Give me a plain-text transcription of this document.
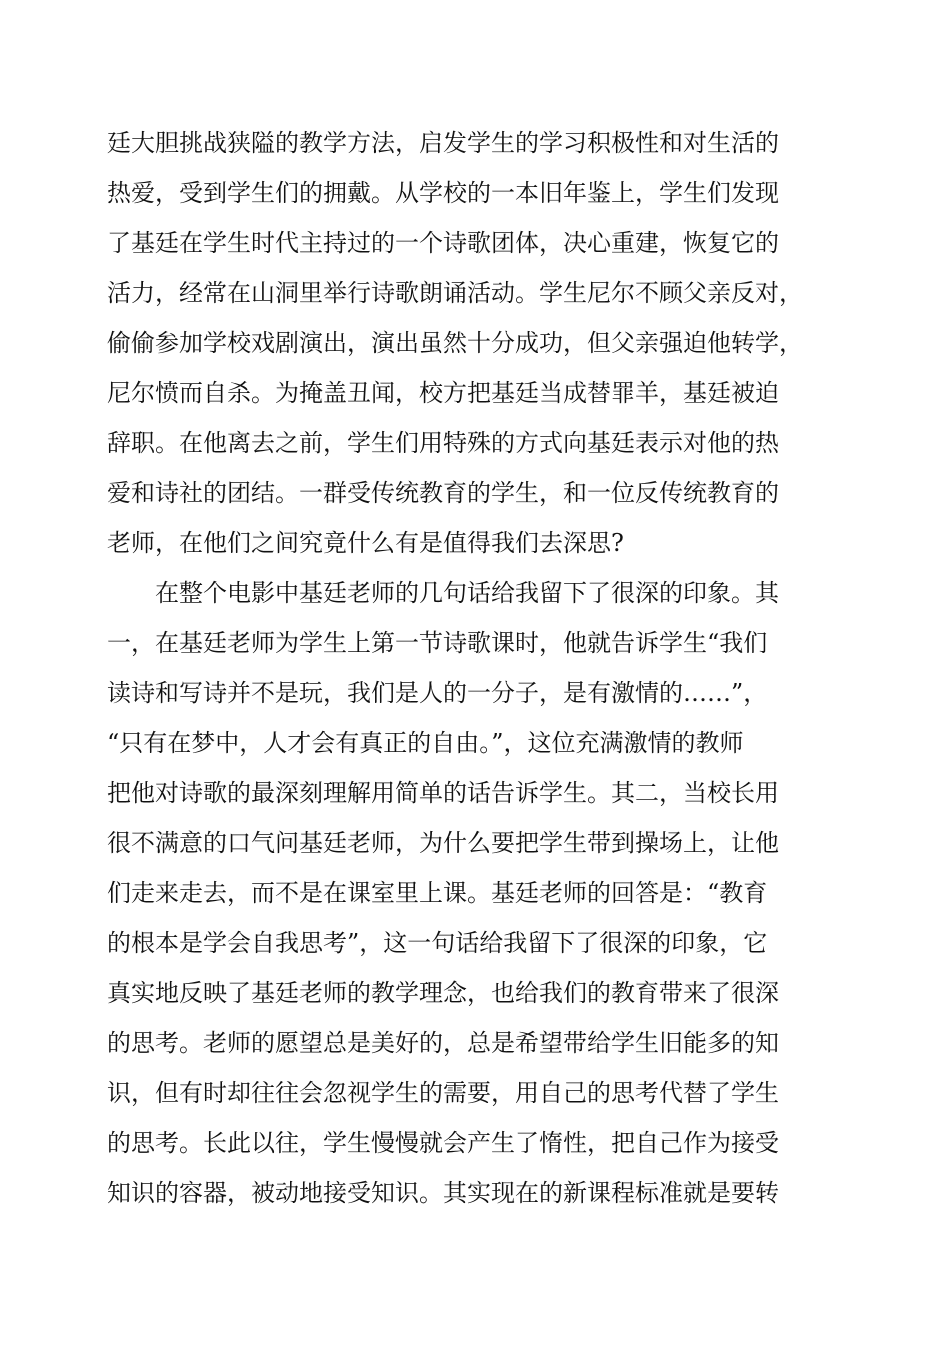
廷大胆挑战狭隘的教学方法，启发学生的学习积极性和对生活的
热爱，受到学生们的拥戴。从学校的一本旧年鉴上，学生们发现
了基廷在学生时代主持过的一个诗歌团体，决心重建，恢复它的
活力，经常在山洞里举行诗歌朗诵活动。学生尼尔不顾父亲反对，
偷偷参加学校戏剧演出，演出虽然十分成功，但父亲强迫他转学，
尼尔愤而自杀。为掩盖丑闻，校方把基廷当成替罪羊，基廷被迫
辞职。在他离去之前，学生们用特殊的方式向基廷表示对他的热
爱和诗社的团结。一群受传统教育的学生，和一位反传统教育的
老师，在他们之间究竟什么有是值得我们去深思?
　　在整个电影中基廷老师的几句话给我留下了很深的印象。其
一，在基廷老师为学生上第一节诗歌课时，他就告诉学生“我们
读诗和写诗并不是玩，我们是人的一分子，是有激情的……”，
“只有在梦中，人才会有真正的自由。”，这位充满激情的教师
把他对诗歌的最深刻理解用简单的话告诉学生。其二，当校长用
很不满意的口气问基廷老师，为什么要把学生带到操场上，让他
们走来走去，而不是在课室里上课。基廷老师的回答是：“教育
的根本是学会自我思考”，这一句话给我留下了很深的印象，它
真实地反映了基廷老师的教学理念，也给我们的教育带来了很深
的思考。老师的愿望总是美好的，总是希望带给学生旧能多的知
识，但有时却往往会忽视学生的需要，用自己的思考代替了学生
的思考。长此以往，学生慢慢就会产生了惰性，把自己作为接受
知识的容器，被动地接受知识。其实现在的新课程标准就是要转
